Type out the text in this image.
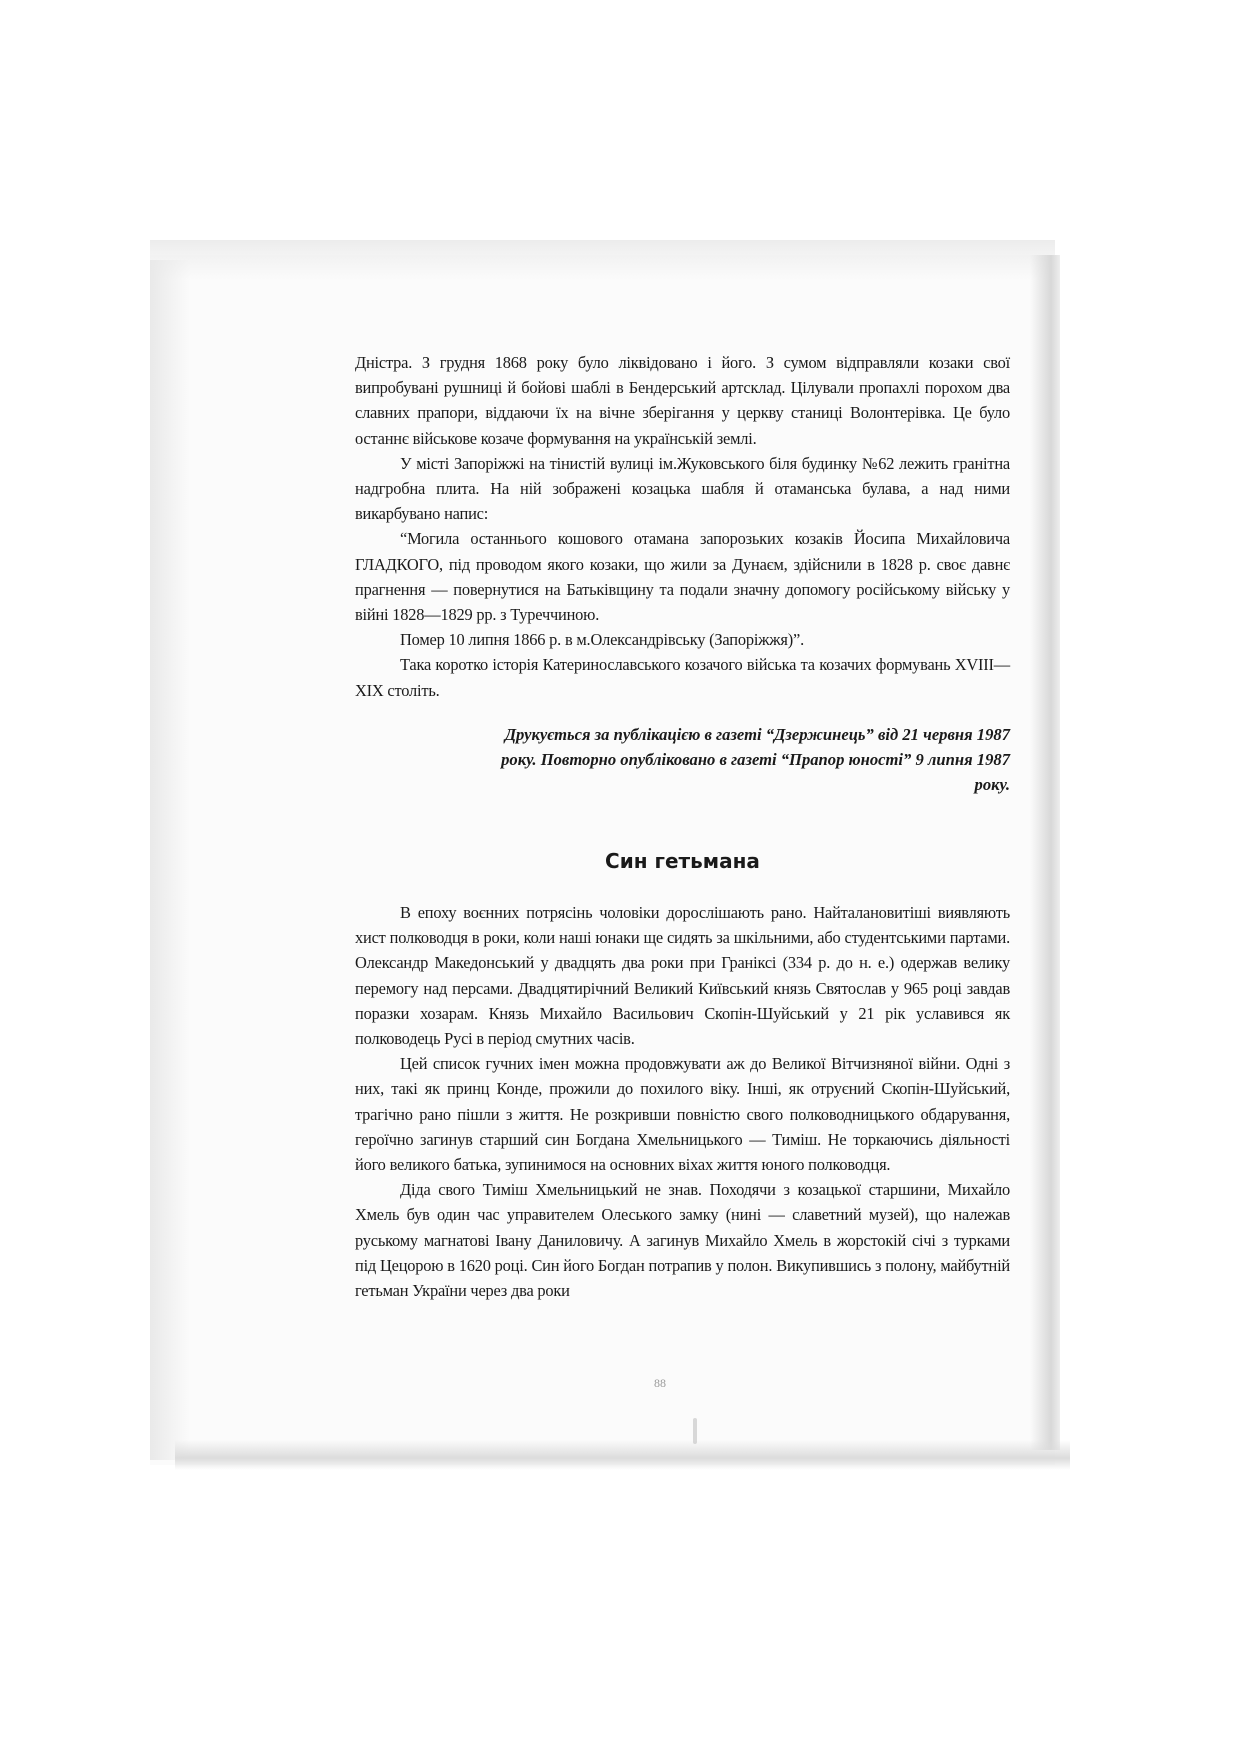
Дністра. З грудня 1868 року було ліквідовано і його. З сумом відправляли козаки свої випробувані рушниці й бойові шаблі в Бендерський артсклад. Цілували пропахлі порохом два славних прапори, віддаючи їх на вічне зберігання у церкву станиці Волонтерівка. Це було останнє військове козаче формування на українській землі.

У місті Запоріжжі на тінистій вулиці ім.Жуковського біля будинку №62 лежить гранітна надгробна плита. На ній зображені козацька шабля й отаманська булава, а над ними викарбувано напис:

“Могила останнього кошового отамана запорозьких козаків Йосипа Михайловича ГЛАДКОГО, під проводом якого козаки, що жили за Дунаєм, здійснили в 1828 р. своє давнє прагнення — повернутися на Батьківщину та подали значну допомогу російському війську у війні 1828—1829 рр. з Туреччиною.

Помер 10 липня 1866 р. в м.Олександрівську (Запоріжжя)”.

Така коротко історія Катеринославського козачого війська та козачих формувань XVIII—XIX століть.

Друкується за публікацією в газеті “Дзержинець” від 21 червня 1987 року. Повторно опубліковано в газеті “Прапор юності” 9 липня 1987 року.
Син гетьмана

В епоху воєнних потрясінь чоловіки дорослішають рано. Найталановитіші виявляють хист полководця в роки, коли наші юнаки ще сидять за шкільними, або студентськими партами. Олександр Македонський у двадцять два роки при Граніксі (334 р. до н. е.) одержав велику перемогу над персами. Двадцятирічний Великий Київський князь Святослав у 965 році завдав поразки хозарам. Князь Михайло Васильович Скопін-Шуйський у 21 рік уславився як полководець Русі в період смутних часів.

Цей список гучних імен можна продовжувати аж до Великої Вітчизняної війни. Одні з них, такі як принц Конде, прожили до похилого віку. Інші, як отруєний Скопін-Шуйський, трагічно рано пішли з життя. Не розкривши повністю свого полководницького обдарування, героїчно загинув старший син Богдана Хмельницького — Тиміш. Не торкаючись діяльності його великого батька, зупинимося на основних віхах життя юного полководця.

Діда свого Тиміш Хмельницький не знав. Походячи з козацької старшини, Михайло Хмель був один час управителем Олеського замку (нині — славетний музей), що належав руському магнатові Івану Даниловичу. А загинув Михайло Хмель в жорстокій січі з турками під Цецорою в 1620 році. Син його Богдан потрапив у полон. Викупившись з полону, майбутній гетьман України через два роки

88
